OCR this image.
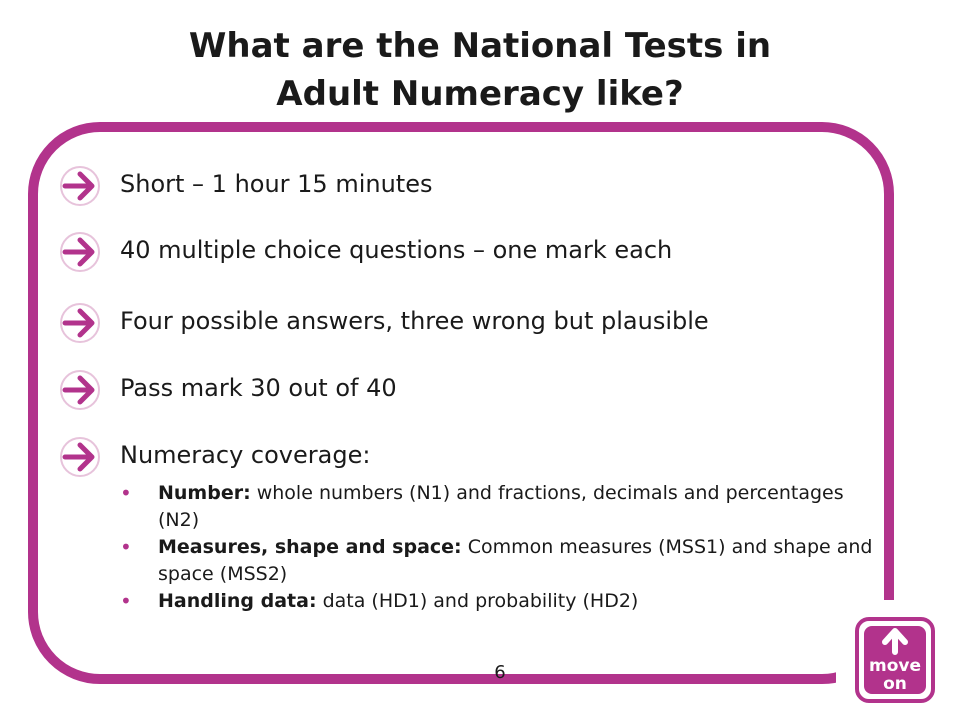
What are the National Tests in
Adult Numeracy like?
Short – 1 hour 15 minutes
40 multiple choice questions – one mark each
Four possible answers, three wrong but plausible
Pass mark 30 out of 40
Numeracy coverage:
•	Number: whole numbers (N1) and fractions, decimals and percentages (N2)
•	Measures, shape and space: Common measures (MSS1) and shape and space (MSS2)
•	Handling data: data (HD1) and probability (HD2)
6	move
on
